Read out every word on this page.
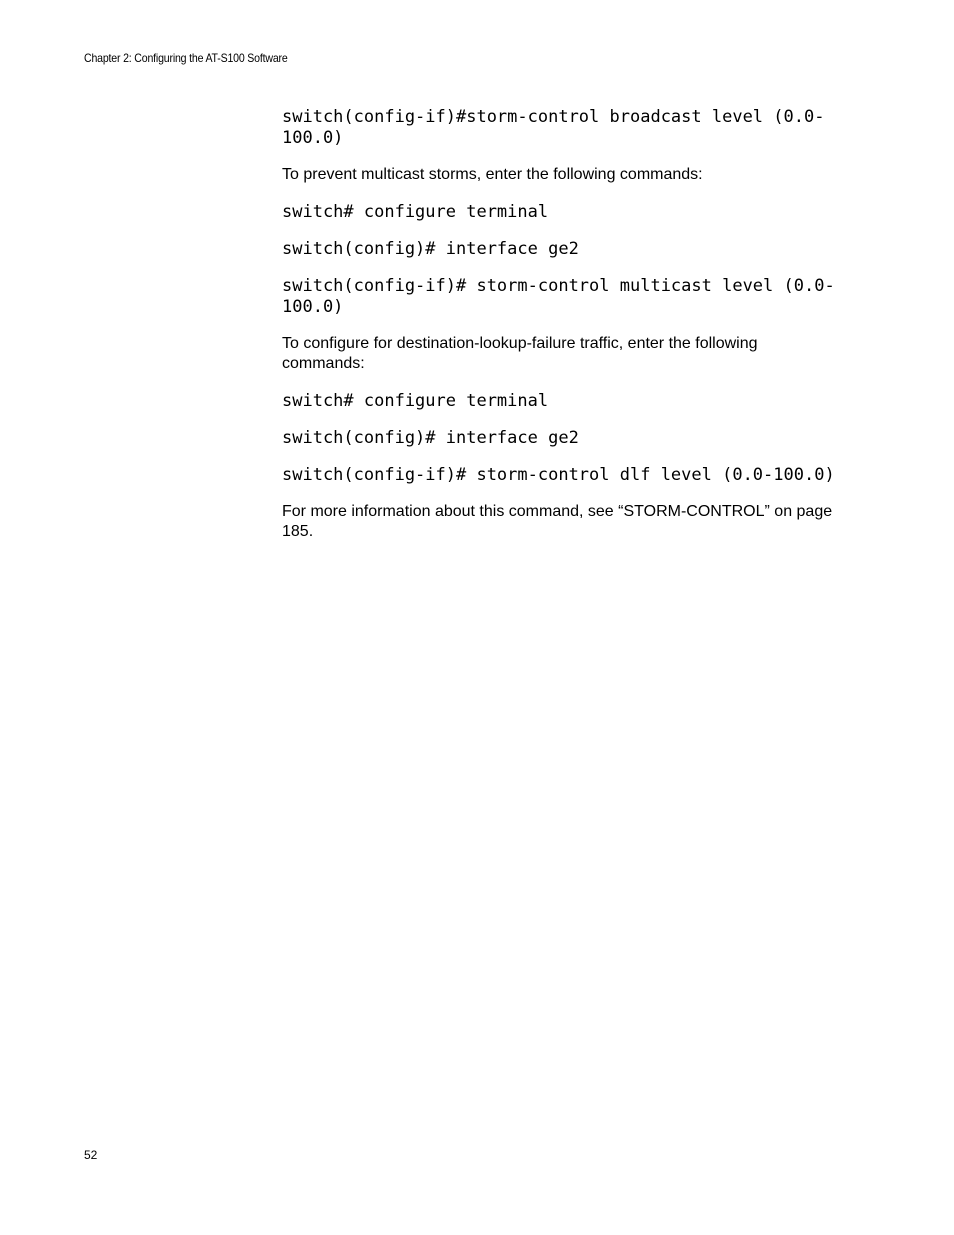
Chapter 2: Configuring the AT-S100 Software
switch(config-if)#storm-control broadcast level (0.0-
100.0)

To prevent multicast storms, enter the following commands:

switch# configure terminal
switch(config)# interface ge2
switch(config-if)# storm-control multicast level (0.0-
100.0)

To configure for destination-lookup-failure traffic, enter the following commands:

switch# configure terminal
switch(config)# interface ge2
switch(config-if)# storm-control dlf level (0.0-100.0)

For more information about this command, see “STORM-CONTROL” on page 185.

52
